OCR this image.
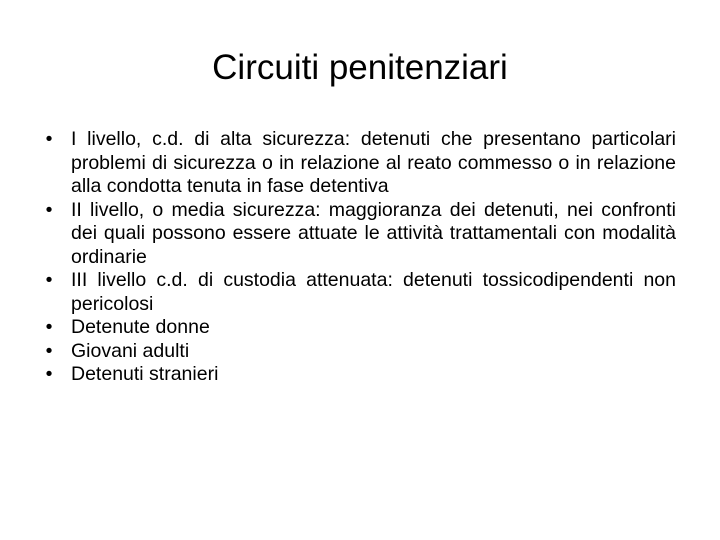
Circuiti penitenziari
• I livello, c.d. di alta sicurezza: detenuti che presentano particolari problemi di sicurezza o in relazione al reato commesso o in relazione alla condotta tenuta in fase detentiva
• II livello, o media sicurezza: maggioranza dei detenuti, nei confronti dei quali possono essere attuate le attività trattamentali con modalità ordinarie
• III livello c.d. di custodia attenuata: detenuti tossicodipendenti non pericolosi
• Detenute donne
• Giovani adulti
• Detenuti stranieri
